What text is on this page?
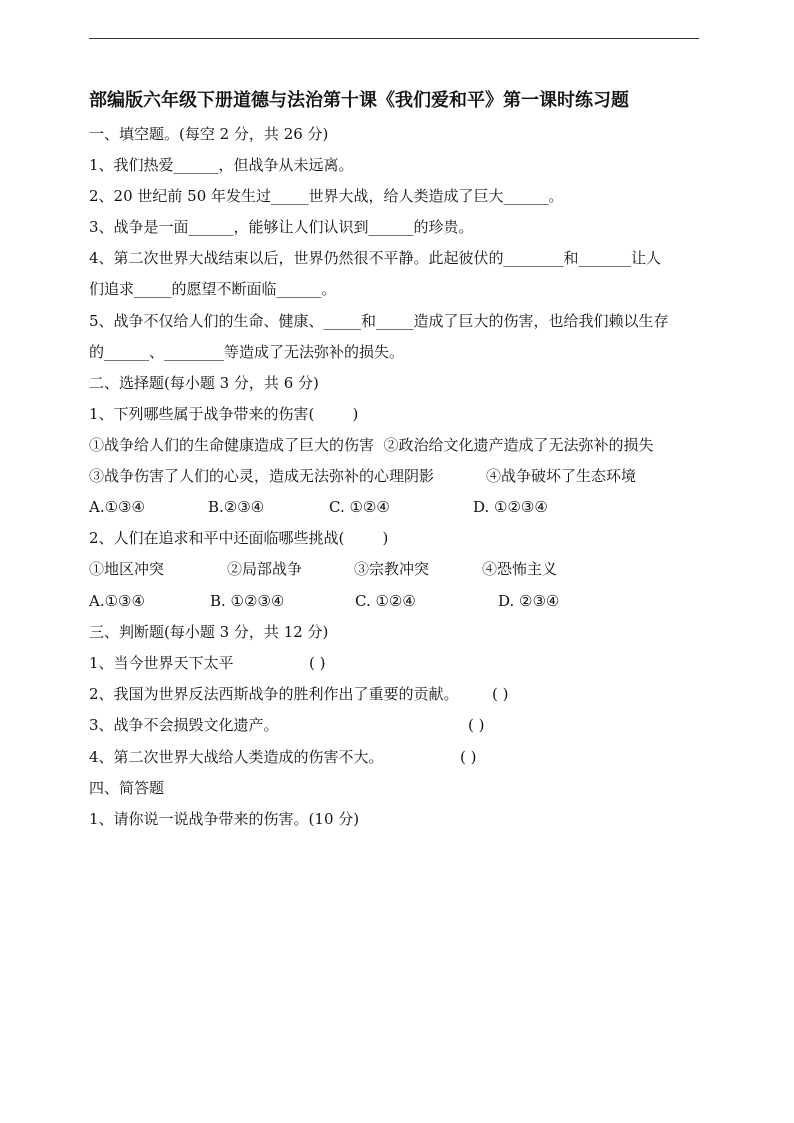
部编版六年级下册道德与法治第十课《我们爱和平》第一课时练习题
一、填空题。(每空 2 分，共 26 分)
1、我们热爱______，但战争从未远离。
2、20 世纪前 50 年发生过_____世界大战，给人类造成了巨大______。
3、战争是一面______，能够让人们认识到______的珍贵。
4、第二次世界大战结束以后，世界仍然很不平静。此起彼伏的________和_______让人
们追求_____的愿望不断面临______。
5、战争不仅给人们的生命、健康、_____和_____造成了巨大的伤害，也给我们赖以生存
的______、________等造成了无法弥补的损失。
二、选择题(每小题 3 分，共 6 分)
1、下列哪些属于战争带来的伤害(        )
①战争给人们的生命健康造成了巨大的伤害  ②政治给文化遗产造成了无法弥补的损失
③战争伤害了人们的心灵，造成无法弥补的心理阴影	④战争破坏了生态环境
A.①③④	B.②③④	C. ①②④	D. ①②③④
2、人们在追求和平中还面临哪些挑战(        )
①地区冲突	②局部战争	③宗教冲突	④恐怖主义
A.①③④	B. ①②③④	C. ①②④	D. ②③④
三、判断题(每小题 3 分，共 12 分)
1、当今世界天下太平	( )
2、我国为世界反法西斯战争的胜利作出了重要的贡献。 ( )
3、战争不会损毁文化遗产。	( )
4、第二次世界大战给人类造成的伤害不大。	( )
四、简答题
1、请你说一说战争带来的伤害。(10 分)
